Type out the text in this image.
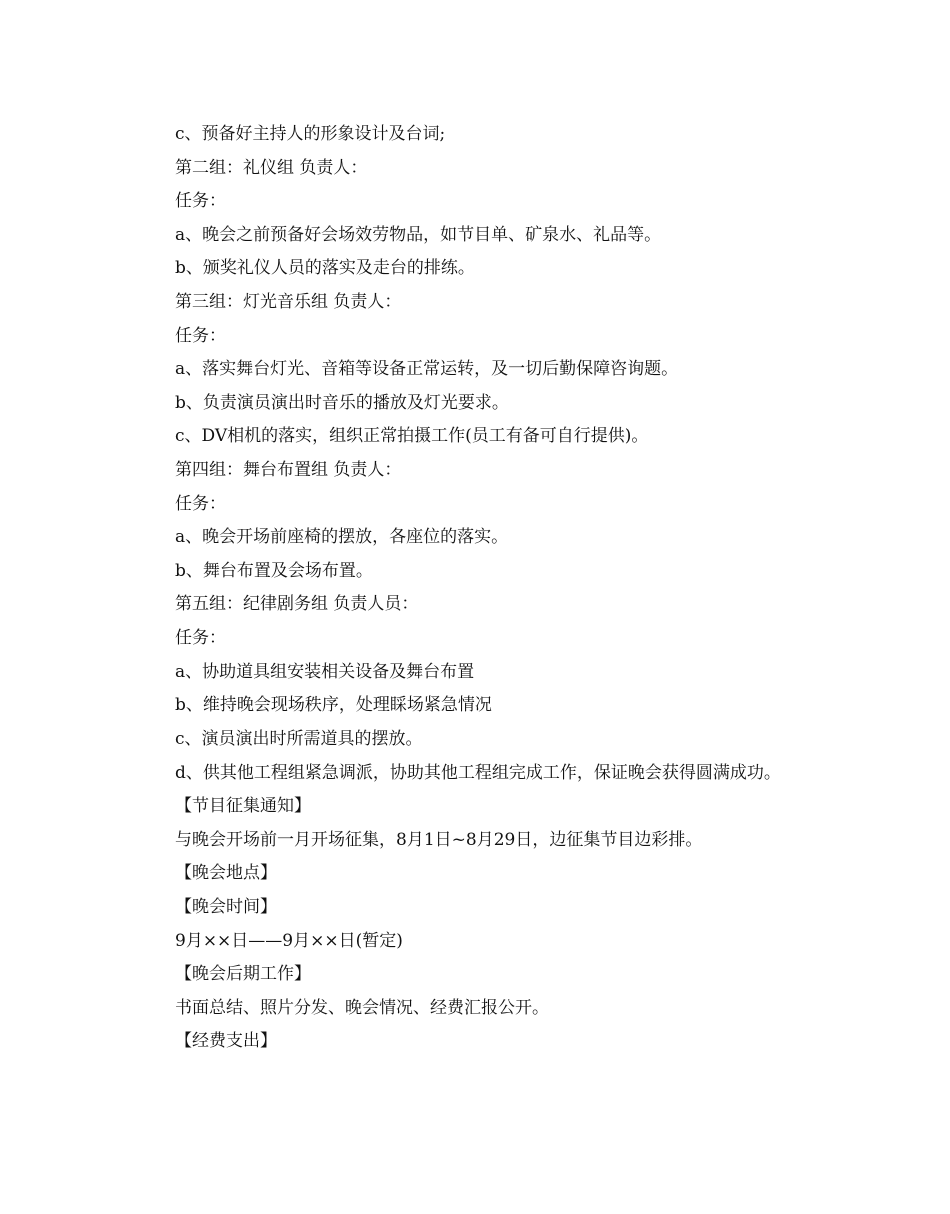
c、预备好主持人的形象设计及台词;
第二组：礼仪组 负责人：
任务：
a、晚会之前预备好会场效劳物品，如节目单、矿泉水、礼品等。
b、颁奖礼仪人员的落实及走台的排练。
第三组：灯光音乐组 负责人：
任务：
a、落实舞台灯光、音箱等设备正常运转，及一切后勤保障咨询题。
b、负责演员演出时音乐的播放及灯光要求。
c、DV相机的落实，组织正常拍摄工作(员工有备可自行提供)。
第四组：舞台布置组 负责人：
任务：
a、晚会开场前座椅的摆放，各座位的落实。
b、舞台布置及会场布置。
第五组：纪律剧务组 负责人员：
任务：
a、协助道具组安装相关设备及舞台布置
b、维持晚会现场秩序，处理睬场紧急情况
c、演员演出时所需道具的摆放。
d、供其他工程组紧急调派，协助其他工程组完成工作，保证晚会获得圆满成功。
【节目征集通知】
与晚会开场前一月开场征集，8月1日~8月29日，边征集节目边彩排。
【晚会地点】
【晚会时间】
9月××日——9月××日(暂定)
【晚会后期工作】
书面总结、照片分发、晚会情况、经费汇报公开。
【经费支出】
